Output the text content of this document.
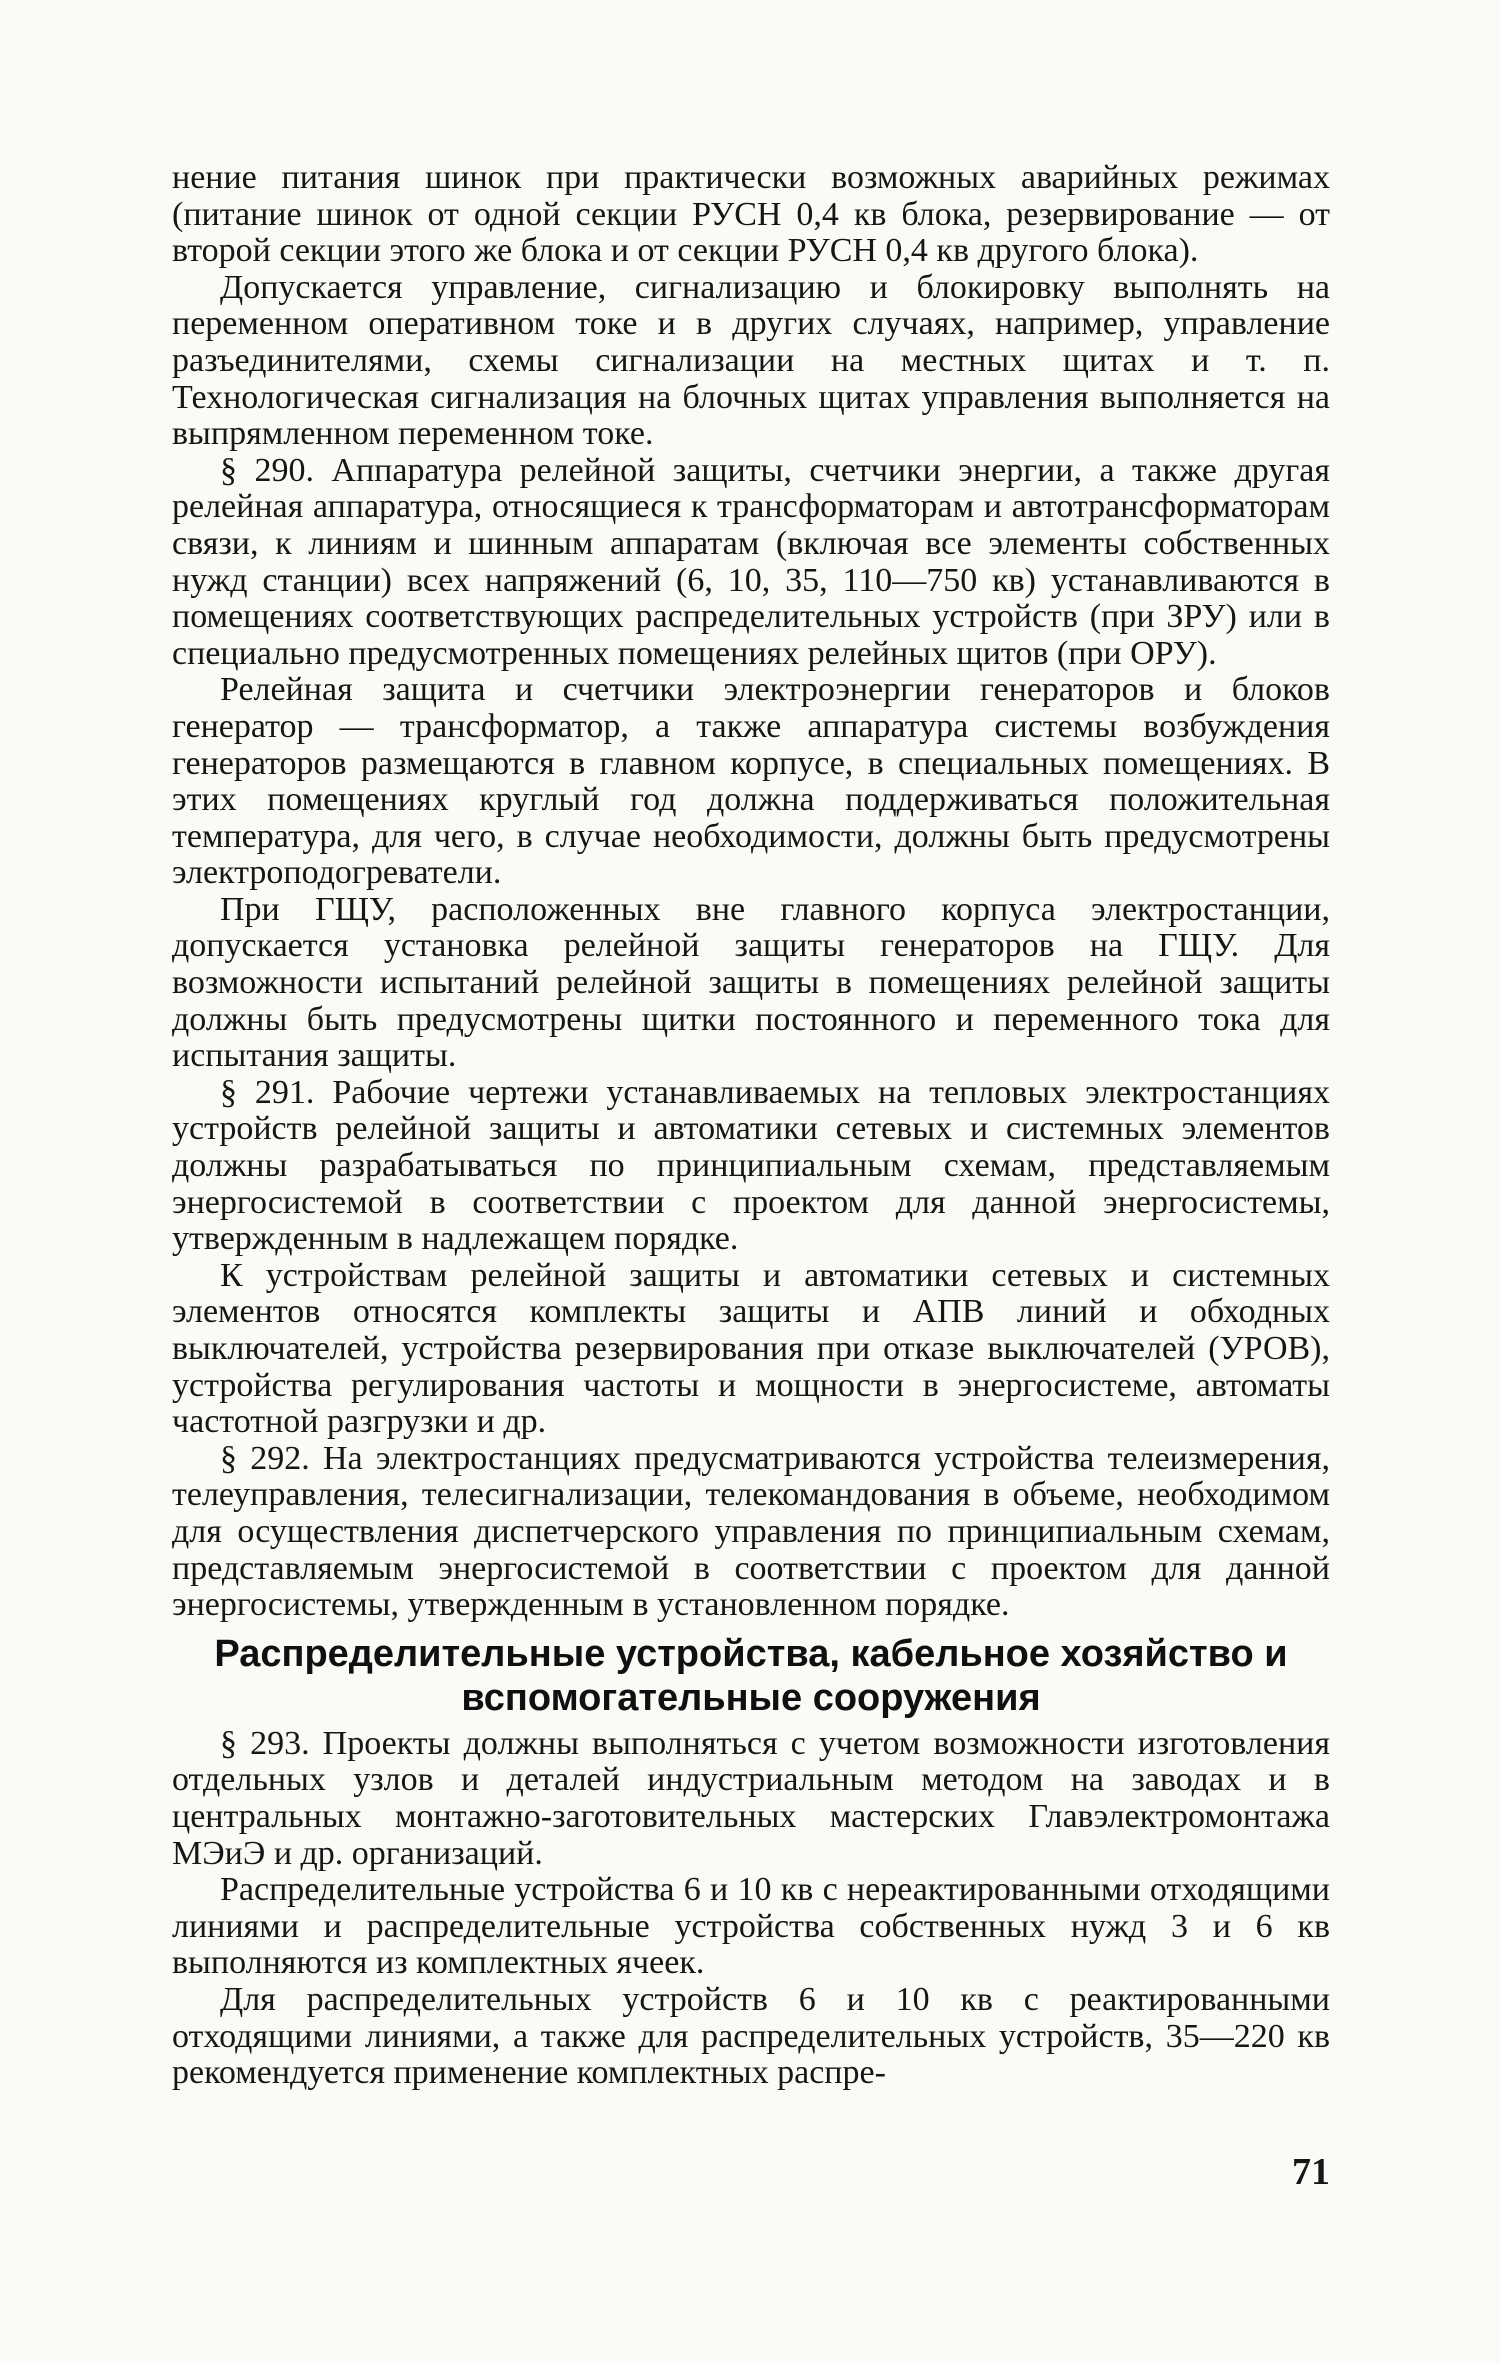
нение питания шинок при практически возможных аварийных режимах (питание шинок от одной секции РУСН 0,4 кв блока, резервирование — от второй секции этого же блока и от секции РУСН 0,4 кв другого блока).

Допускается управление, сигнализацию и блокировку выполнять на переменном оперативном токе и в других случаях, например, управление разъединителями, схемы сигнализации на местных щитах и т. п. Технологическая сигнализация на блочных щитах управления выполняется на выпрямленном переменном токе.

§ 290. Аппаратура релейной защиты, счетчики энергии, а также другая релейная аппаратура, относящиеся к трансформаторам и автотрансформаторам связи, к линиям и шинным аппаратам (включая все элементы собственных нужд станции) всех напряжений (6, 10, 35, 110—750 кв) устанавливаются в помещениях соответствующих распределительных устройств (при ЗРУ) или в специально предусмотренных помещениях релейных щитов (при ОРУ).

Релейная защита и счетчики электроэнергии генераторов и блоков генератор — трансформатор, а также аппаратура системы возбуждения генераторов размещаются в главном корпусе, в специальных помещениях. В этих помещениях круглый год должна поддерживаться положительная температура, для чего, в случае необходимости, должны быть предусмотрены электроподогреватели.

При ГЩУ, расположенных вне главного корпуса электростанции, допускается установка релейной защиты генераторов на ГЩУ. Для возможности испытаний релейной защиты в помещениях релейной защиты должны быть предусмотрены щитки постоянного и переменного тока для испытания защиты.

§ 291. Рабочие чертежи устанавливаемых на тепловых электростанциях устройств релейной защиты и автоматики сетевых и системных элементов должны разрабатываться по принципиальным схемам, представляемым энергосистемой в соответствии с проектом для данной энергосистемы, утвержденным в надлежащем порядке.

К устройствам релейной защиты и автоматики сетевых и системных элементов относятся комплекты защиты и АПВ линий и обходных выключателей, устройства резервирования при отказе выключателей (УРОВ), устройства регулирования частоты и мощности в энергосистеме, автоматы частотной разгрузки и др.

§ 292. На электростанциях предусматриваются устройства телеизмерения, телеуправления, телесигнализации, телекомандования в объеме, необходимом для осуществления диспетчерского управления по принципиальным схемам, представляемым энергосистемой в соответствии с проектом для данной энергосистемы, утвержденным в установленном порядке.

Распределительные устройства, кабельное хозяйство и вспомогательные сооружения

§ 293. Проекты должны выполняться с учетом возможности изготовления отдельных узлов и деталей индустриальным методом на заводах и в центральных монтажно-заготовительных мастерских Главэлектромонтажа МЭиЭ и др. организаций.

Распределительные устройства 6 и 10 кв с нереактированными отходящими линиями и распределительные устройства собственных нужд 3 и 6 кв выполняются из комплектных ячеек.

Для распределительных устройств 6 и 10 кв с реактированными отходящими линиями, а также для распределительных устройств, 35—220 кв рекомендуется применение комплектных распре-

71
